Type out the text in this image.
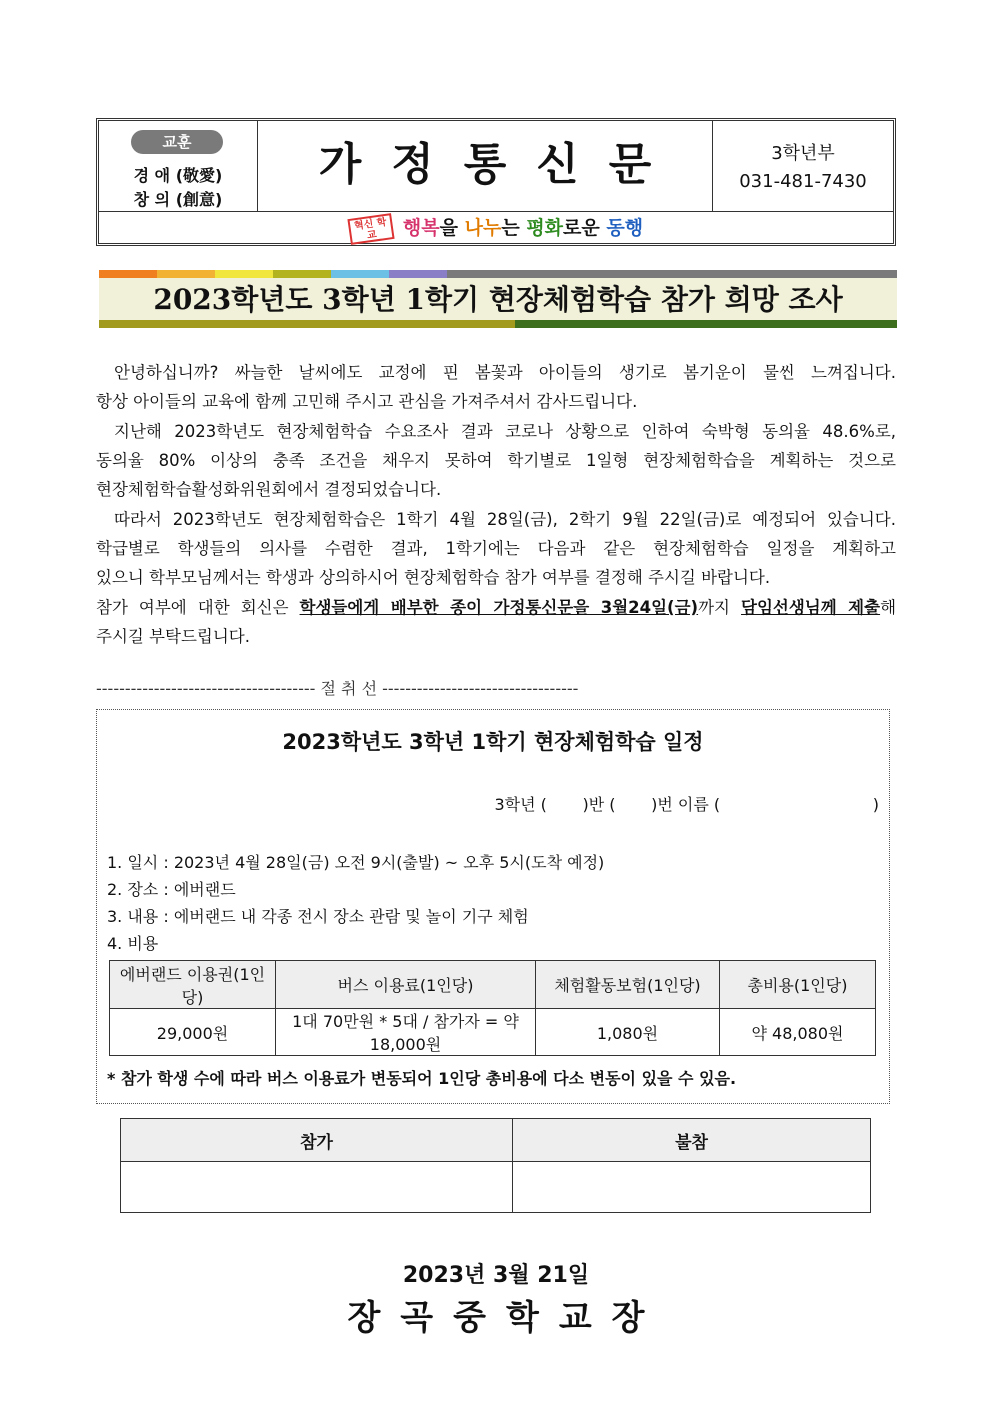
교훈
경 애 (敬愛)
창 의 (創意)
가정통신문	3학년부
031-481-7430
혁신 학교 행복을 나누는 평화로운 동행
2023학년도 3학년 1학기 현장체험학습 참가 희망 조사
안녕하십니까? 싸늘한 날씨에도 교정에 핀 봄꽃과 아이들의 생기로 봄기운이 물씬 느껴집니다.
항상 아이들의 교육에 함께 고민해 주시고 관심을 가져주셔서 감사드립니다.
지난해 2023학년도 현장체험학습 수요조사 결과 코로나 상황으로 인하여 숙박형 동의율 48.6%로,
동의율 80% 이상의 충족 조건을 채우지 못하여 학기별로 1일형 현장체험학습을 계획하는 것으로
현장체험학습활성화위원회에서 결정되었습니다.
따라서 2023학년도 현장체험학습은 1학기 4월 28일(금), 2학기 9월 22일(금)로 예정되어 있습니다.
학급별로 학생들의 의사를 수렴한 결과, 1학기에는 다음과 같은 현장체험학습 일정을 계획하고
있으니 학부모님께서는 학생과 상의하시어 현장체험학습 참가 여부를 결정해 주시길 바랍니다.
참가 여부에 대한 회신은 학생들에게 배부한 종이 가정통신문을 3월24일(금)까지 담임선생님께 제출해
주시길 부탁드립니다.
-------------------------------------- 절 취 선 ----------------------------------
2023학년도 3학년 1학기 현장체험학습 일정
3학년 (       )반 (       )번 이름 (                              )
1. 일시 : 2023년 4월 28일(금) 오전 9시(출발) ~ 오후 5시(도착 예정)
2. 장소 : 에버랜드
3. 내용 : 에버랜드 내 각종 전시 장소 관람 및 놀이 기구 체험
4. 비용
에버랜드 이용권(1인당)	버스 이용료(1인당)	체험활동보험(1인당)	총비용(1인당)
29,000원	1대 70만원 * 5대 / 참가자 = 약 18,000원	1,080원	약 48,080원
* 참가 학생 수에 따라 버스 이용료가 변동되어 1인당 총비용에 다소 변동이 있을 수 있음.
참가	불참

2023년 3월 21일
장곡중학교장
